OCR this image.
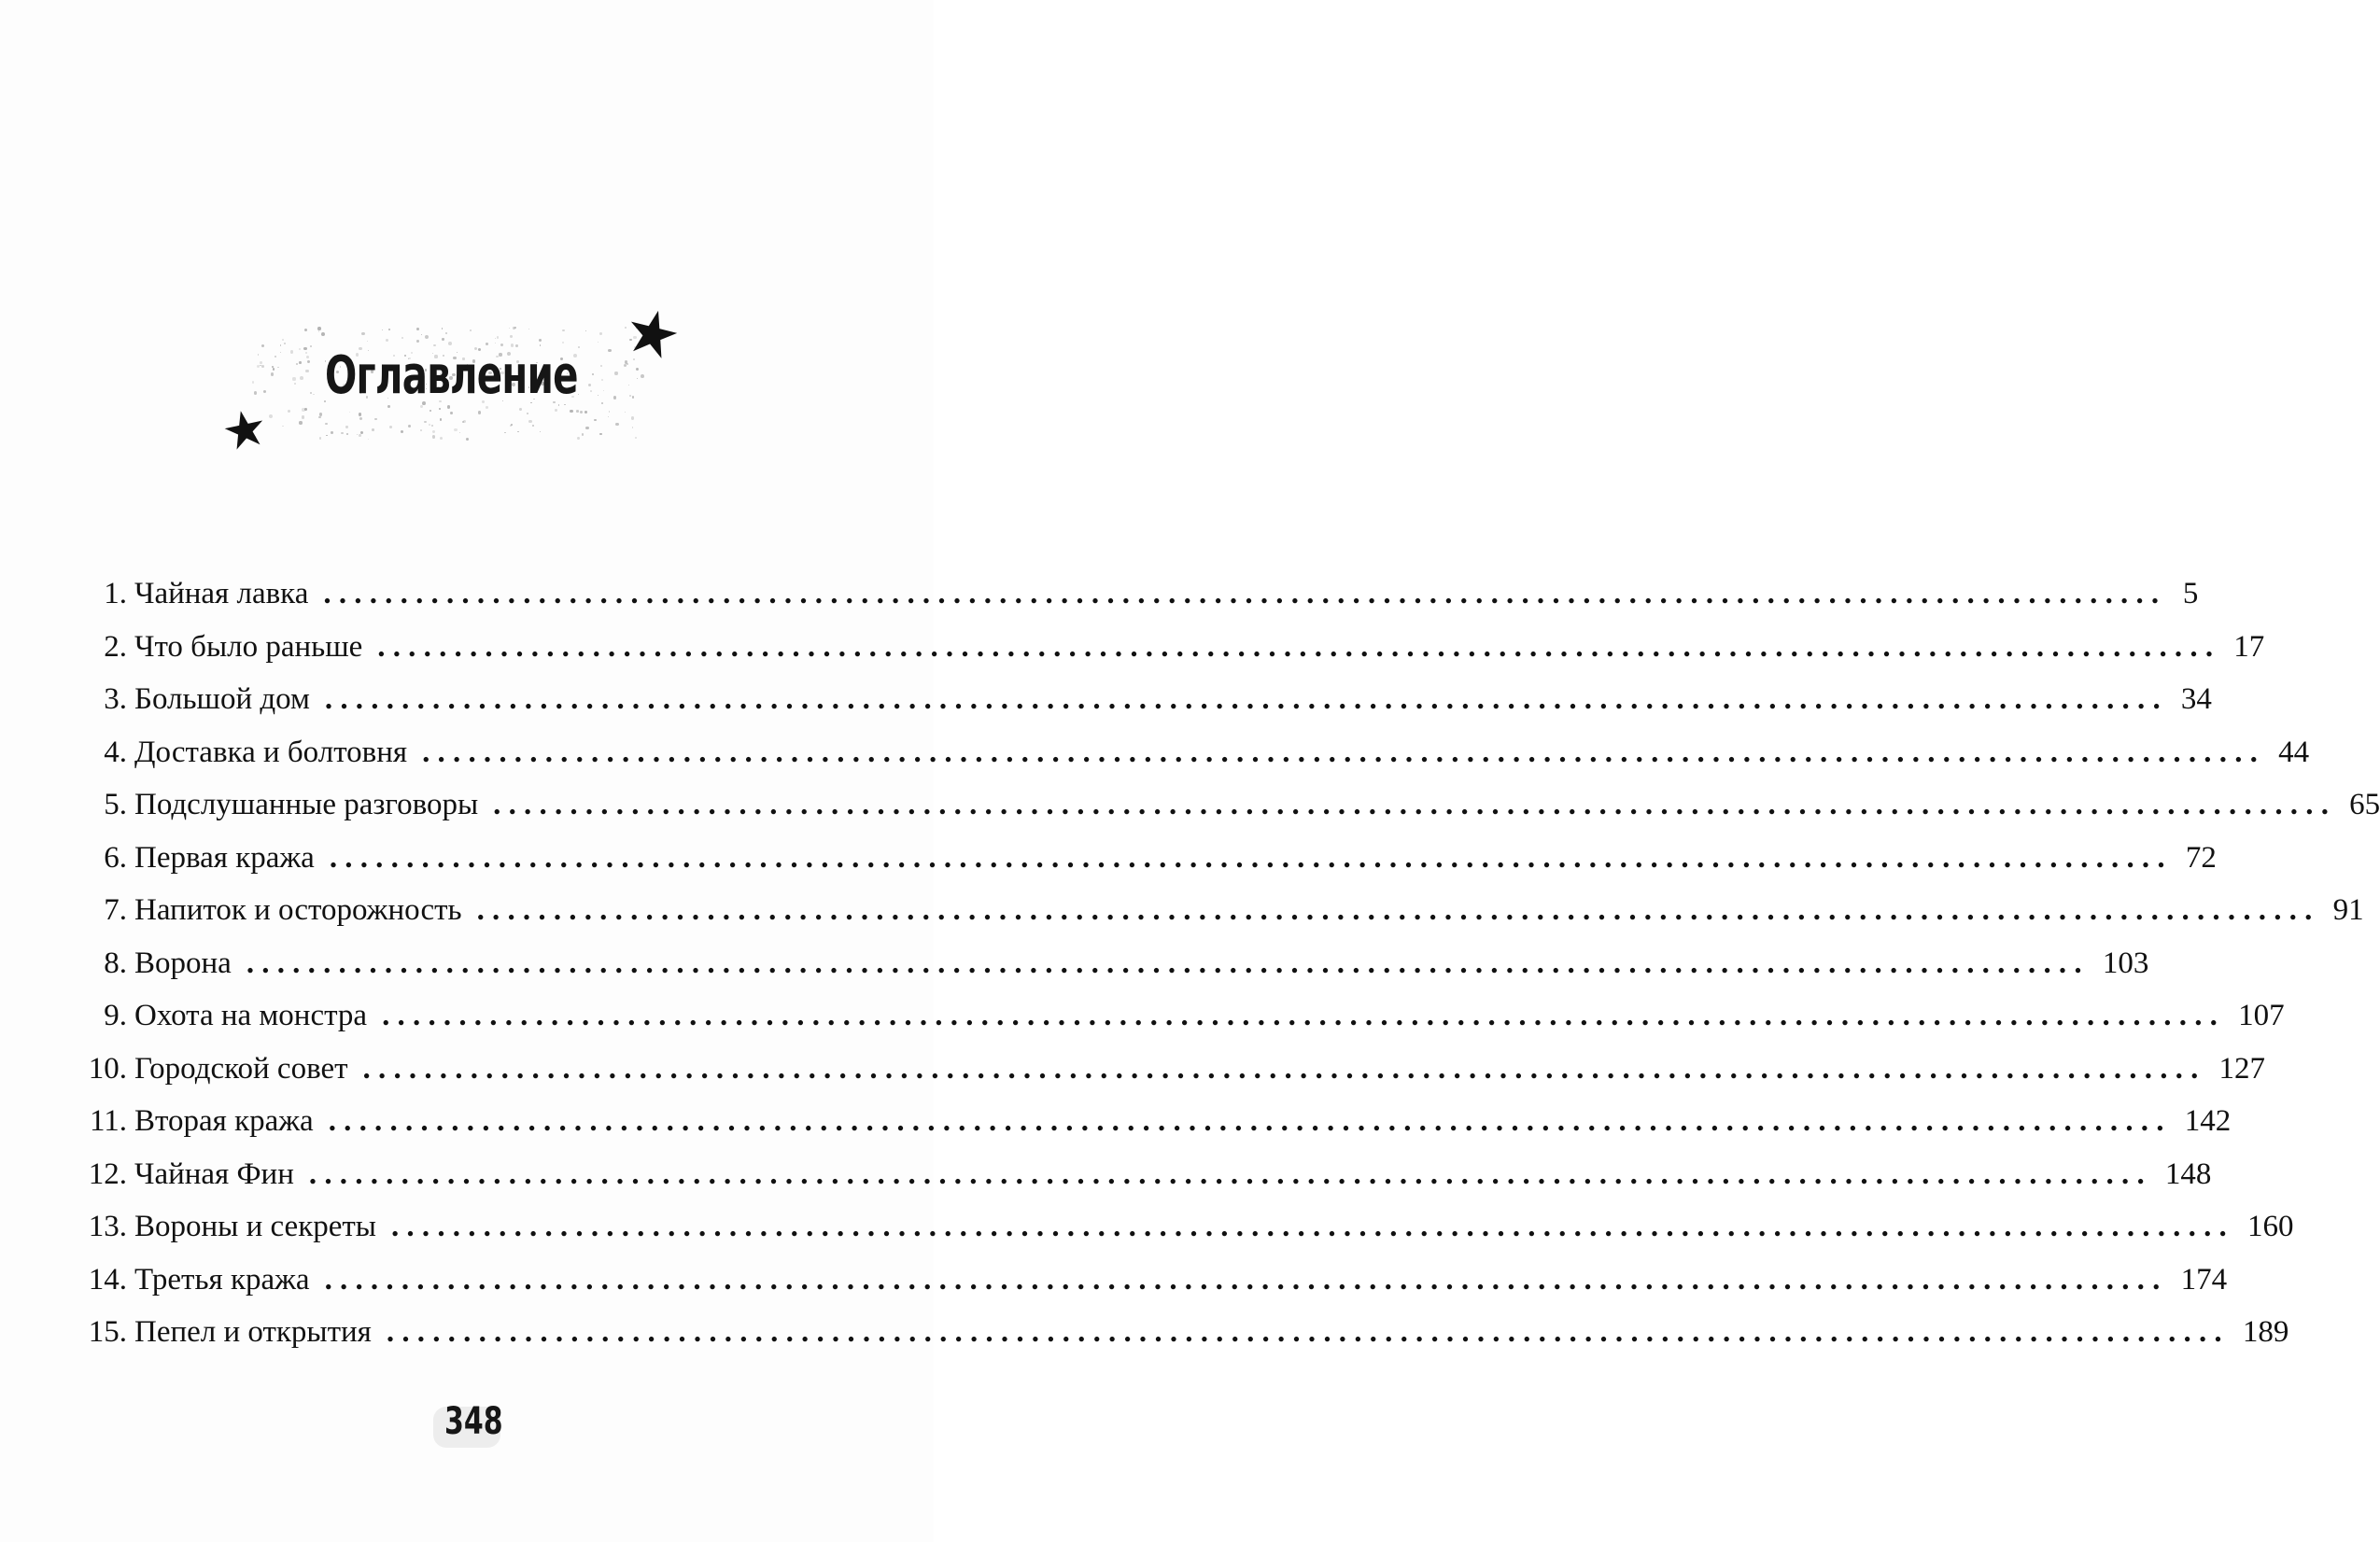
Оглавление
1. Чайная лавка ........................................................................................................................ 5
2. Что было раньше ........................................................................................................................ 17
3. Большой дом ........................................................................................................................ 34
4. Доставка и болтовня ........................................................................................................................ 44
5. Подслушанные разговоры ........................................................................................................................ 65
6. Первая кража ........................................................................................................................ 72
7. Напиток и осторожность ........................................................................................................................ 91
8. Ворона ........................................................................................................................ 103
9. Охота на монстра ........................................................................................................................ 107
10. Городской совет ........................................................................................................................ 127
11. Вторая кража ........................................................................................................................ 142
12. Чайная Фин ........................................................................................................................ 148
13. Вороны и секреты ........................................................................................................................ 160
14. Третья кража ........................................................................................................................ 174
15. Пепел и открытия ........................................................................................................................ 189
348
